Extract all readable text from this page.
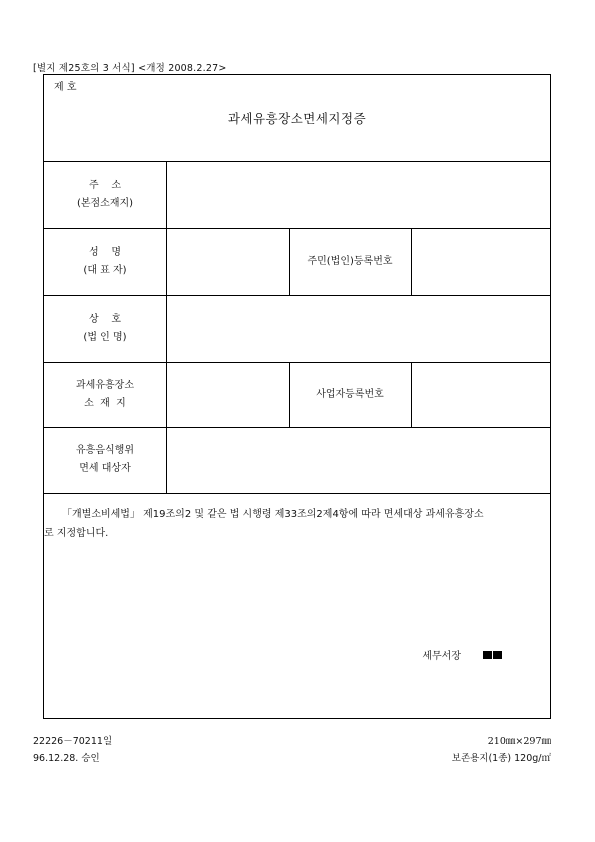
[별지 제25호의 3 서식] <개정 2008.2.27>
제 호
과세유흥장소면세지정증
주    소
(본점소재지)
성    명
(대 표 자)
주민(법인)등록번호
상    호
(법 인 명)
과세유흥장소
소  재  지
사업자등록번호
유흥음식행위
면세 대상자
「개별소비세법」 제19조의2 및 같은 법 시행령 제33조의2제4항에 따라 면세대상 과세유흥장소
로 지정합니다.
세무서장
22226－70211일
96.12.28. 승인
210㎜×297㎜
보존용지(1종) 120g/㎡
